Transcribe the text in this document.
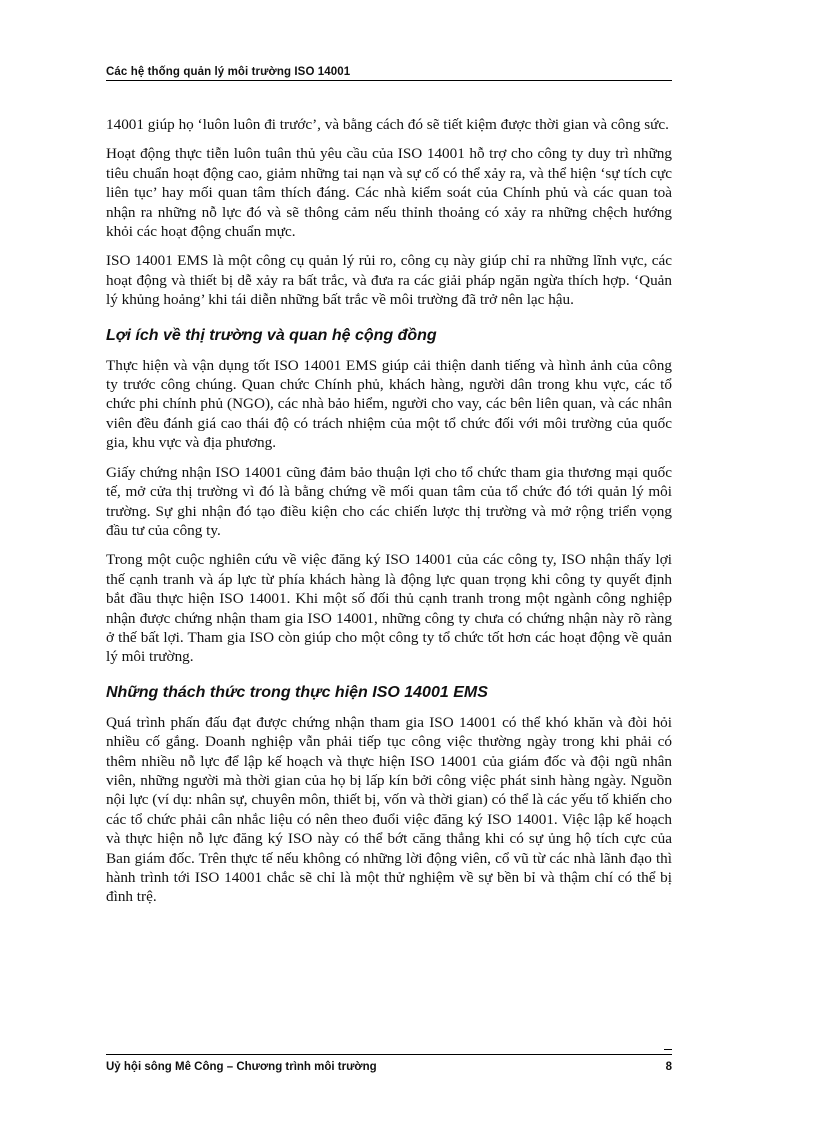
Các hệ thống quản lý môi trường ISO 14001

14001 giúp họ ‘luôn luôn đi trước’, và bằng cách đó sẽ tiết kiệm được thời gian và công sức.

Hoạt động thực tiễn luôn tuân thủ yêu cầu của ISO 14001 hỗ trợ cho công ty duy trì những tiêu chuẩn hoạt động cao, giảm những tai nạn và sự cố có thể xảy ra, và thể hiện ‘sự tích cực liên tục’ hay mối quan tâm thích đáng. Các nhà kiểm soát của Chính phủ và các quan toà nhận ra những nỗ lực đó và sẽ thông cảm nếu thỉnh thoảng có xảy ra những chệch hướng khỏi các hoạt động chuẩn mực.

ISO 14001 EMS là một công cụ quản lý rủi ro, công cụ này giúp chỉ ra những lĩnh vực, các hoạt động và thiết bị dễ xảy ra bất trắc, và đưa ra các giải pháp ngăn ngừa thích hợp. ‘Quản lý khủng hoảng’ khi tái diễn những bất trắc về môi trường đã trở nên lạc hậu.

Lợi ích về thị trường và quan hệ cộng đồng

Thực hiện và vận dụng tốt ISO 14001 EMS giúp cải thiện danh tiếng và hình ảnh của công ty trước công chúng. Quan chức Chính phủ, khách hàng, người dân trong khu vực, các tổ chức phi chính phủ (NGO), các nhà bảo hiểm, người cho vay, các bên liên quan, và các nhân viên đều đánh giá cao thái độ có trách nhiệm của một tổ chức đối với môi trường của quốc gia, khu vực và địa phương.

Giấy chứng nhận ISO 14001 cũng đảm bảo thuận lợi cho tổ chức tham gia thương mại quốc tế, mở cửa thị trường vì đó là bằng chứng về mối quan tâm của tổ chức đó tới quản lý môi trường. Sự ghi nhận đó tạo điều kiện cho các chiến lược thị trường và mở rộng triển vọng đầu tư của công ty.

Trong một cuộc nghiên cứu về việc đăng ký ISO 14001 của các công ty, ISO nhận thấy lợi thế cạnh tranh và áp lực từ phía khách hàng là động lực quan trọng khi công ty quyết định bắt đầu thực hiện ISO 14001. Khi một số đối thủ cạnh tranh trong một ngành công nghiệp nhận được chứng nhận tham gia ISO 14001, những công ty chưa có chứng nhận này rõ ràng ở thế bất lợi. Tham gia ISO còn giúp cho một công ty tổ chức tốt hơn các hoạt động về quản lý môi trường.

Những thách thức trong thực hiện ISO 14001 EMS

Quá trình phấn đấu đạt được chứng nhận tham gia ISO 14001 có thể khó khăn và đòi hỏi nhiều cố gắng. Doanh nghiệp vẫn phải tiếp tục công việc thường ngày trong khi phải có thêm nhiều nỗ lực để lập kế hoạch và thực hiện ISO 14001 của giám đốc và đội ngũ nhân viên, những người mà thời gian của họ bị lấp kín bởi công việc phát sinh hàng ngày. Nguồn nội lực (ví dụ: nhân sự, chuyên môn, thiết bị, vốn và thời gian) có thể là các yếu tố khiến cho các tổ chức phải cân nhắc liệu có nên theo đuổi việc đăng ký ISO 14001. Việc lập kế hoạch và thực hiện nỗ lực đăng ký ISO này có thể bớt căng thẳng khi có sự ủng hộ tích cực của Ban giám đốc. Trên thực tế nếu không có những lời động viên, cổ vũ từ các nhà lãnh đạo thì hành trình tới ISO 14001 chắc sẽ chỉ là một thử nghiệm về sự bền bỉ và thậm chí có thể bị đình trệ.

Uỷ hội sông Mê Công – Chương trình môi trường	8
